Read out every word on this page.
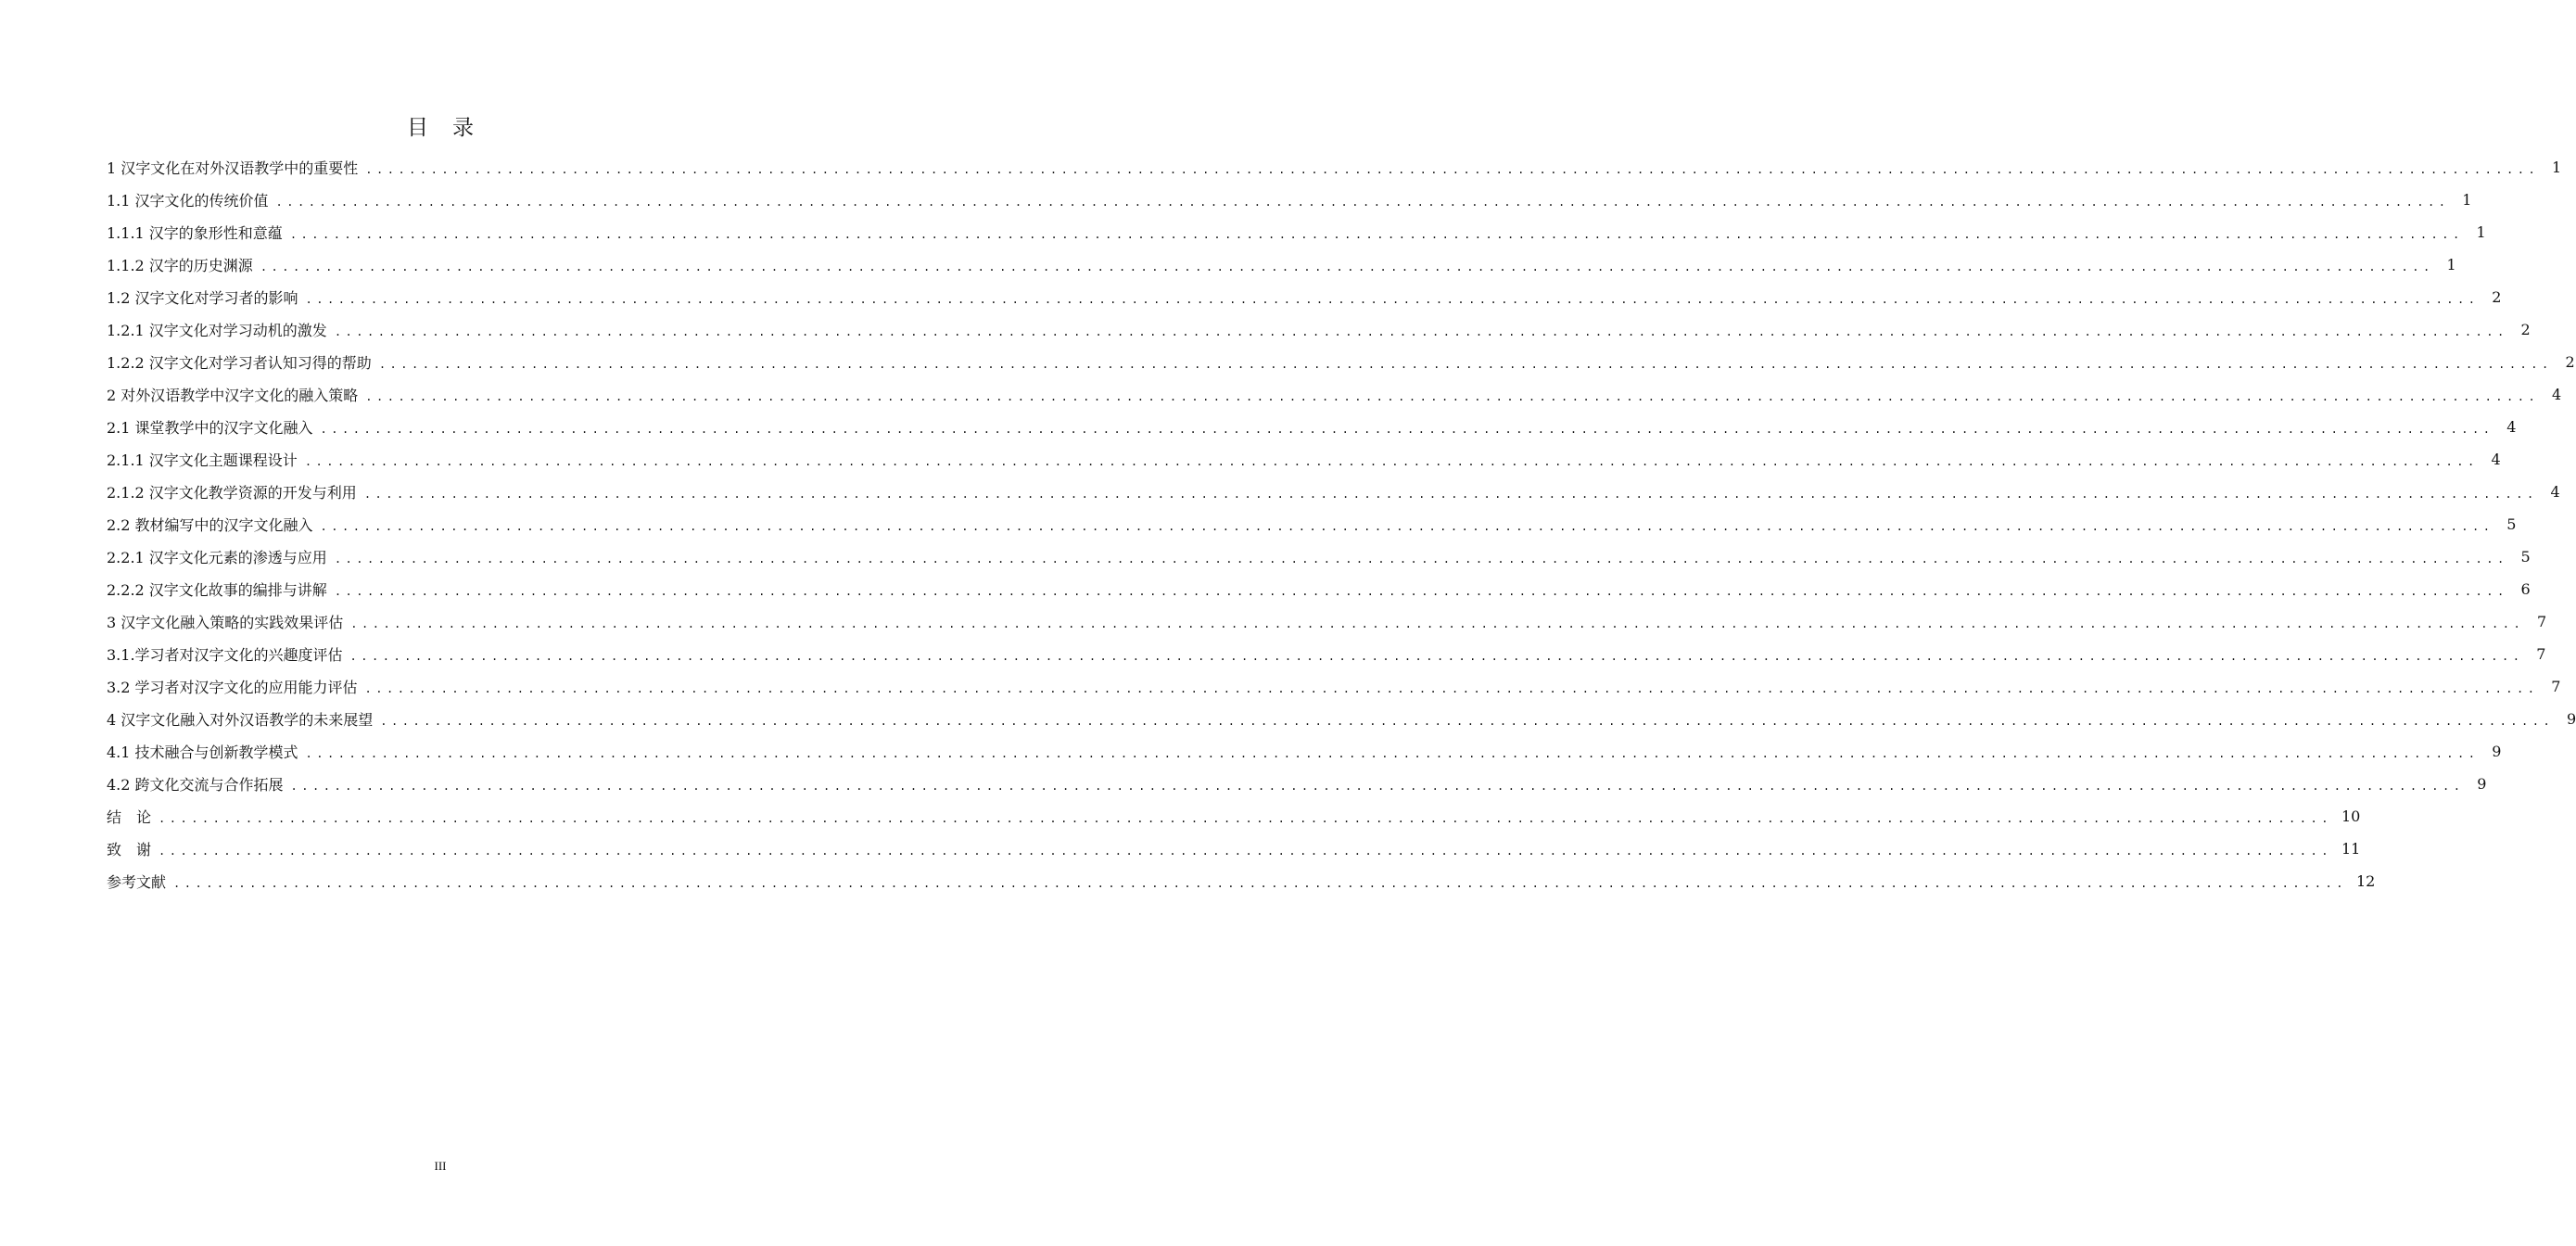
目录
1 汉字文化在对外汉语教学中的重要性 ........................................................................................................................................................................................................ 1
1.1 汉字文化的传统价值 ........................................................................................................................................................................................................ 1
1.1.1 汉字的象形性和意蕴 ........................................................................................................................................................................................................ 1
1.1.2 汉字的历史渊源 ........................................................................................................................................................................................................ 1
1.2 汉字文化对学习者的影响 ........................................................................................................................................................................................................ 2
1.2.1 汉字文化对学习动机的激发 ........................................................................................................................................................................................................ 2
1.2.2 汉字文化对学习者认知习得的帮助 ........................................................................................................................................................................................................ 2
2 对外汉语教学中汉字文化的融入策略 ........................................................................................................................................................................................................ 4
2.1 课堂教学中的汉字文化融入 ........................................................................................................................................................................................................ 4
2.1.1 汉字文化主题课程设计 ........................................................................................................................................................................................................ 4
2.1.2 汉字文化教学资源的开发与利用 ........................................................................................................................................................................................................ 4
2.2 教材编写中的汉字文化融入 ........................................................................................................................................................................................................ 5
2.2.1 汉字文化元素的渗透与应用 ........................................................................................................................................................................................................ 5
2.2.2 汉字文化故事的编排与讲解 ........................................................................................................................................................................................................ 6
3 汉字文化融入策略的实践效果评估 ........................................................................................................................................................................................................ 7
3.1.学习者对汉字文化的兴趣度评估 ........................................................................................................................................................................................................ 7
3.2 学习者对汉字文化的应用能力评估 ........................................................................................................................................................................................................ 7
4 汉字文化融入对外汉语教学的未来展望 ........................................................................................................................................................................................................ 9
4.1 技术融合与创新教学模式 ........................................................................................................................................................................................................ 9
4.2 跨文化交流与合作拓展 ........................................................................................................................................................................................................ 9
结　论 ........................................................................................................................................................................................................ 10
致　谢 ........................................................................................................................................................................................................ 11
参考文献 ........................................................................................................................................................................................................ 12
III
